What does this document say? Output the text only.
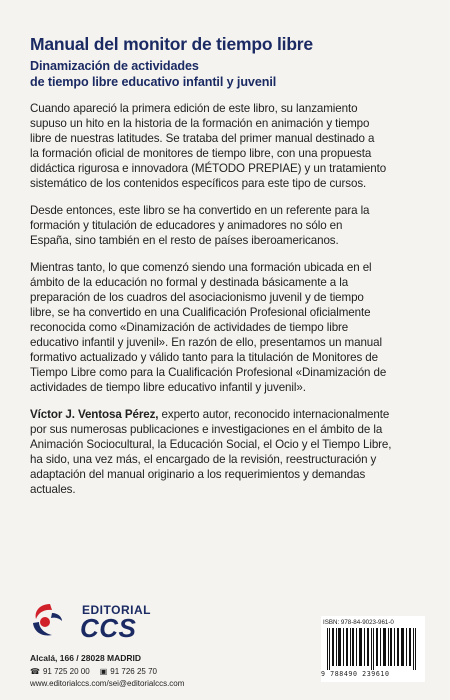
Manual del monitor de tiempo libre
Dinamización de actividades
de tiempo libre educativo infantil y juvenil

Cuando apareció la primera edición de este libro, su lanzamiento
supuso un hito en la historia de la formación en animación y tiempo
libre de nuestras latitudes. Se trataba del primer manual destinado a
la formación oficial de monitores de tiempo libre, con una propuesta
didáctica rigurosa e innovadora (MÉTODO PREPIAE) y un tratamiento
sistemático de los contenidos específicos para este tipo de cursos.

Desde entonces, este libro se ha convertido en un referente para la
formación y titulación de educadores y animadores no sólo en
España, sino también en el resto de países iberoamericanos.

Mientras tanto, lo que comenzó siendo una formación ubicada en el
ámbito de la educación no formal y destinada básicamente a la
preparación de los cuadros del asociacionismo juvenil y de tiempo
libre, se ha convertido en una Cualificación Profesional oficialmente
reconocida como «Dinamización de actividades de tiempo libre
educativo infantil y juvenil». En razón de ello, presentamos un manual
formativo actualizado y válido tanto para la titulación de Monitores de
Tiempo Libre como para la Cualificación Profesional «Dinamización de
actividades de tiempo libre educativo infantil y juvenil».

Víctor J. Ventosa Pérez, experto autor, reconocido internacionalmente
por sus numerosas publicaciones e investigaciones en el ámbito de la
Animación Sociocultural, la Educación Social, el Ocio y el Tiempo Libre,
ha sido, una vez más, el encargado de la revisión, reestructuración y
adaptación del manual originario a los requerimientos y demandas
actuales.

EDITORIAL
CCS
Alcalá, 166 / 28028 MADRID
☎ 91 725 20 00 ▣ 91 726 25 70
www.editorialccs.com / sei@editorialccs.com
ISBN: 978-84-9023-961-0
9 788490 239610
